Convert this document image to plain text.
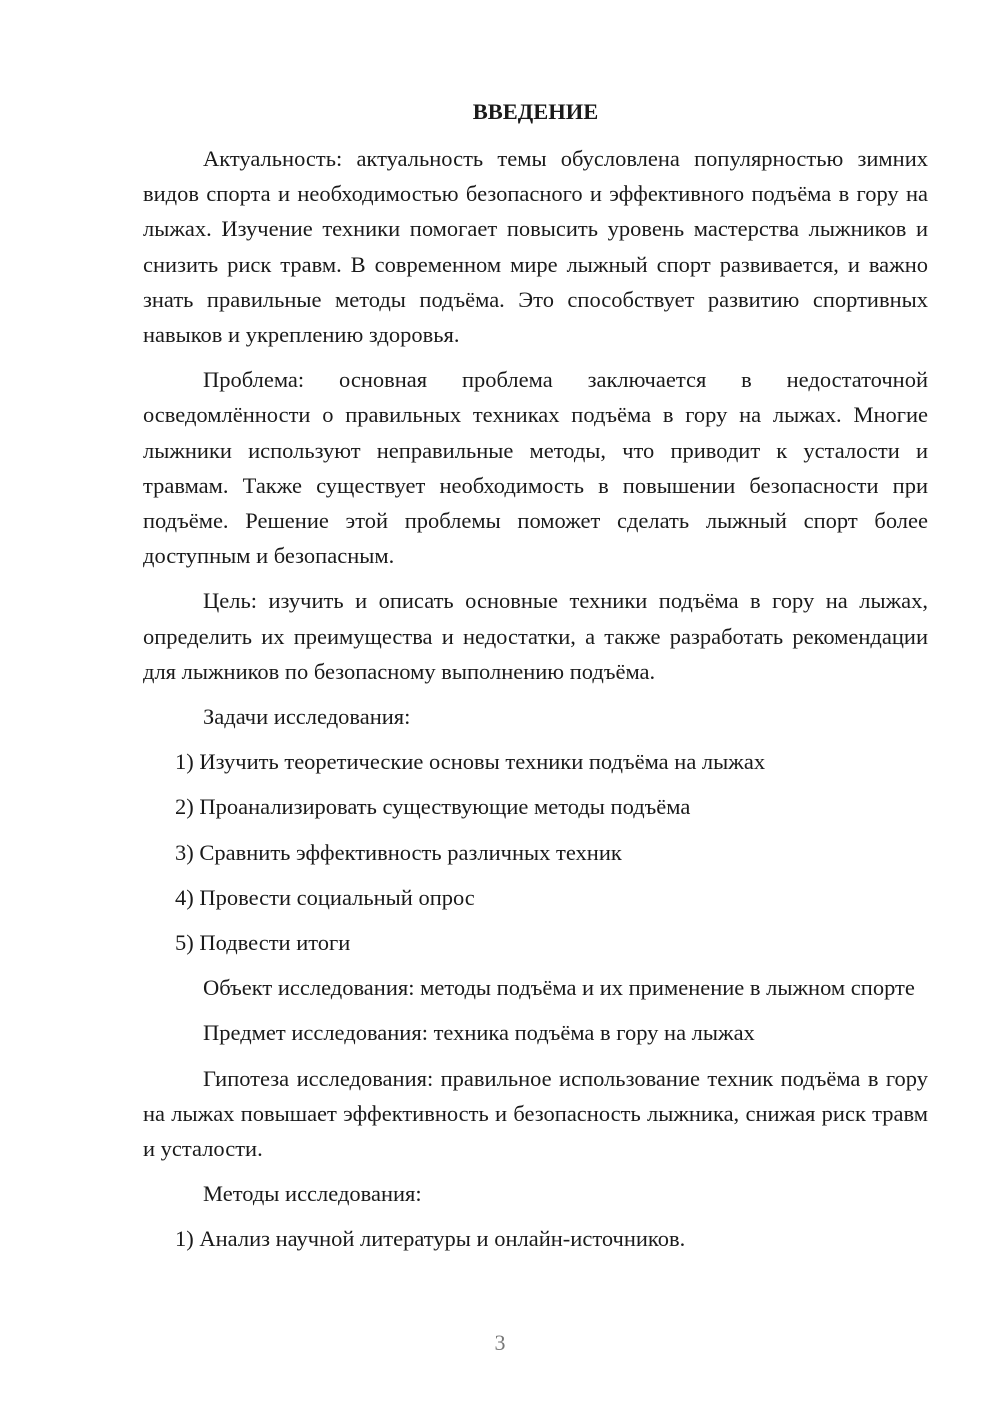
ВВЕДЕНИЕ

Актуальность: актуальность темы обусловлена популярностью зимних видов спорта и необходимостью безопасного и эффективного подъёма в гору на лыжах. Изучение техники помогает повысить уровень мастерства лыжников и снизить риск травм. В современном мире лыжный спорт развивается, и важно знать правильные методы подъёма. Это способствует развитию спортивных навыков и укреплению здоровья.

Проблема: основная проблема заключается в недостаточной осведомлённости о правильных техниках подъёма в гору на лыжах. Многие лыжники используют неправильные методы, что приводит к усталости и травмам. Также существует необходимость в повышении безопасности при подъёме. Решение этой проблемы поможет сделать лыжный спорт более доступным и безопасным.

Цель: изучить и описать основные техники подъёма в гору на лыжах, определить их преимущества и недостатки, а также разработать рекомендации для лыжников по безопасному выполнению подъёма.

Задачи исследования:
1) Изучить теоретические основы техники подъёма на лыжах
2) Проанализировать существующие методы подъёма
3) Сравнить эффективность различных техник
4) Провести социальный опрос
5) Подвести итоги

Объект исследования: методы подъёма и их применение в лыжном спорте

Предмет исследования: техника подъёма в гору на лыжах

Гипотеза исследования: правильное использование техник подъёма в гору на лыжах повышает эффективность и безопасность лыжника, снижая риск травм и усталости.

Методы исследования:
1) Анализ научной литературы и онлайн-источников.
3
